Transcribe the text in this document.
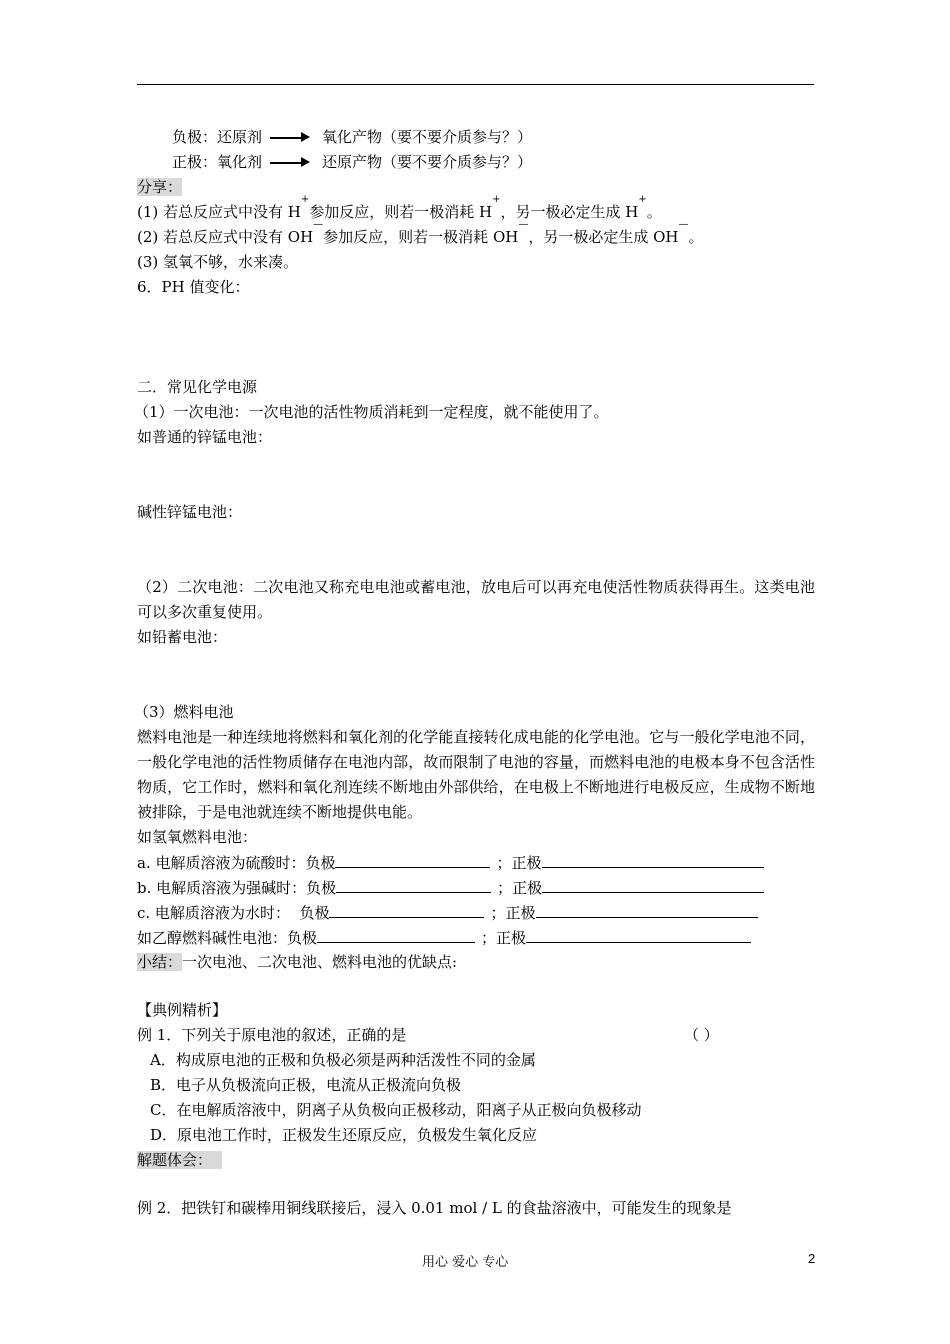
负极：还原剂	氧化产物（要不要介质参与？）
正极：氧化剂	还原产物（要不要介质参与？）
分享：
(1) 若总反应式中没有 H+参加反应，则若一极消耗 H+，另一极必定生成 H+。
(2) 若总反应式中没有 OH—参加反应，则若一极消耗 OH—，另一极必定生成 OH—。
(3) 氢氧不够，水来凑。
6．PH 值变化：
二．常见化学电源
（1）一次电池：一次电池的活性物质消耗到一定程度，就不能使用了。
如普通的锌锰电池：
碱性锌锰电池：
（2）二次电池：二次电池又称充电电池或蓄电池，放电后可以再充电使活性物质获得再生。这类电池可以多次重复使用。
如铅蓄电池：
（3）燃料电池
燃料电池是一种连续地将燃料和氧化剂的化学能直接转化成电能的化学电池。它与一般化学电池不同，一般化学电池的活性物质储存在电池内部，故而限制了电池的容量，而燃料电池的电极本身不包含活性物质，它工作时，燃料和氧化剂连续不断地由外部供给，在电极上不断地进行电极反应，生成物不断地被排除，于是电池就连续不断地提供电能。
如氢氧燃料电池：
a. 电解质溶液为硫酸时：负极	；正极
b. 电解质溶液为强碱时：负极	；正极
c. 电解质溶液为水时：  负极	；正极
如乙醇燃料碱性电池：负极	；正极
小结：一次电池、二次电池、燃料电池的优缺点:
【典例精析】
例 1．下列关于原电池的叙述，正确的是	（ ）
A．构成原电池的正极和负极必须是两种活泼性不同的金属
B．电子从负极流向正极，电流从正极流向负极
C．在电解质溶液中，阴离子从负极向正极移动，阳离子从正极向负极移动
D．原电池工作时，正极发生还原反应，负极发生氧化反应
解题体会：
例 2．把铁钉和碳棒用铜线联接后，浸入 0.01 mol / L 的食盐溶液中，可能发生的现象是
用心 爱心 专心	2
